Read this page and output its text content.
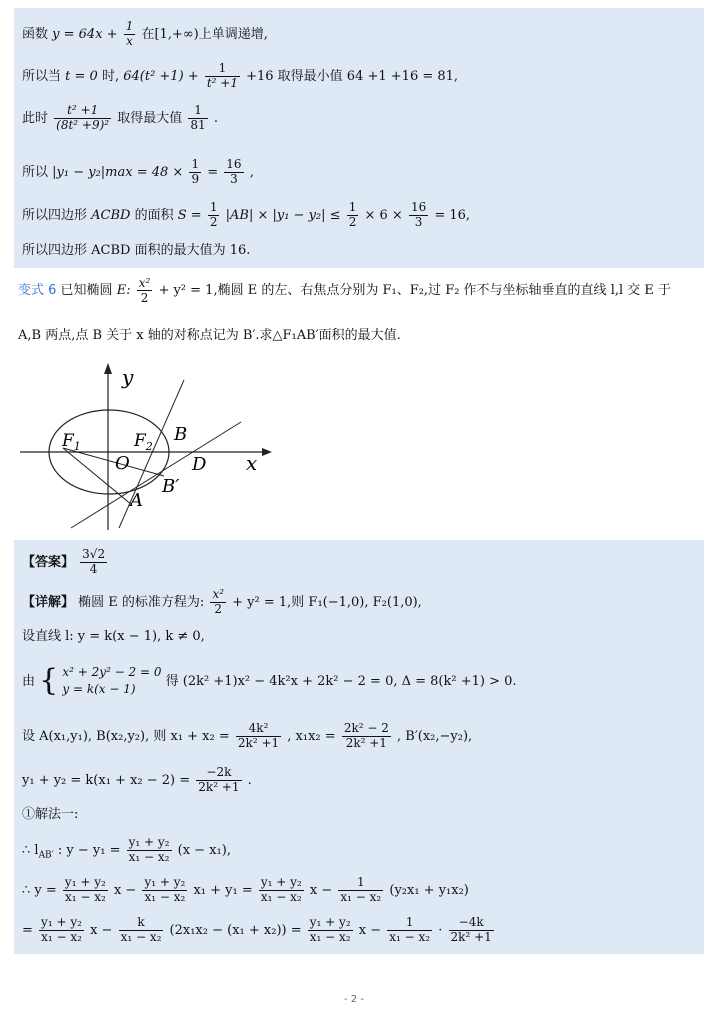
函数 $y = 64x + \frac{1}{x}$ 在[1,+∞)上单调递增,
所以当 t = 0 时, $64(t^2 +1) + \frac{1}{\text{t² +1}} +16$ 取得最小值 64 +1 +16 = 81,
此时 $\frac{\text{t² +1}}{\text{(8t² +9)²}}$ 取得最大值 $\frac{1}{81}$ .
所以 $|y_1 - y_2|\max = 48 \times \frac{1}{9} = \frac{16}{3}$ ,
所以四边形 ACBD 的面积 $S = \frac{1}{2} |AB| \times |y_1 - y_2| \le \frac{1}{2} \times 6 \times \frac{16}{3} = 16$,
所以四边形 ACBD 面积的最大值为 16.
变式 6 已知椭圆 E: $\frac{\text{x²}}{2} + y^2 = 1$,椭圆 E 的左、右焦点分别为 F₁、F₂,过 F₂ 作不与坐标轴垂直的直线 l,l 交 E 于
A,B 两点,点 B 关于 x 轴的对称点记为 B′.求△F₁AB′面积的最大值.
y
x
$F_1$	$F_2$
O
B
D
B′
A
【答案】 $\frac{3√2}{4}$
【详解】 椭圆 E 的标准方程为: $\frac{\text{x²}}{2} + y^2 = 1$,则 F₁(−1,0), F₂(1,0),
设直线 l: y = k(x − 1), k ≠ 0,
由 { x² + 2y² − 2 = 0
y = k(x − 1)
得 (2k² +1)x² − 4k²x + 2k² − 2 = 0, Δ = 8(k² +1) > 0.
设 A(x₁,y₁), B(x₂,y₂), 则 $x_1 + x_2 = \frac{\text{4k²}}{\text{2k² +1}}$ , $x_1x_2 = \frac{\text{2k² − 2}}{\text{2k² +1}}$ , B′(x₂,−y₂),
$y_1 + y_2 = k(x_1 + x_2 - 2) = \frac{-2k}{\text{2k² +1}}$ .
①解法一:
∴ $l_{AB'}$ : $y - y_1 = \frac{\text{y₁ + y₂}}{\text{x₁ − x₂}} (x - x_1)$,
∴ $y = \frac{\text{y₁ + y₂}}{\text{x₁ − x₂}}$ $x - \frac{\text{y₁ + y₂}}{\text{x₁ − x₂}} x_1 + y_1 = \frac{\text{y₁ + y₂}}{\text{x₁ − x₂}}$ $x - \frac{1}{\text{x₁ − x₂}} (y_2x_1 + y_1x_2)$
= $\frac{\text{y₁ + y₂}}{\text{x₁ − x₂}}$ $x - \frac{k}{\text{x₁ − x₂}} (2x_1x_2 - (x_1 + x_2)) = \frac{\text{y₁ + y₂}}{\text{x₁ − x₂}}$ $x - \frac{1}{\text{x₁ − x₂}} \cdot \frac{-4k}{\text{2k² +1}}$
- 2 -
